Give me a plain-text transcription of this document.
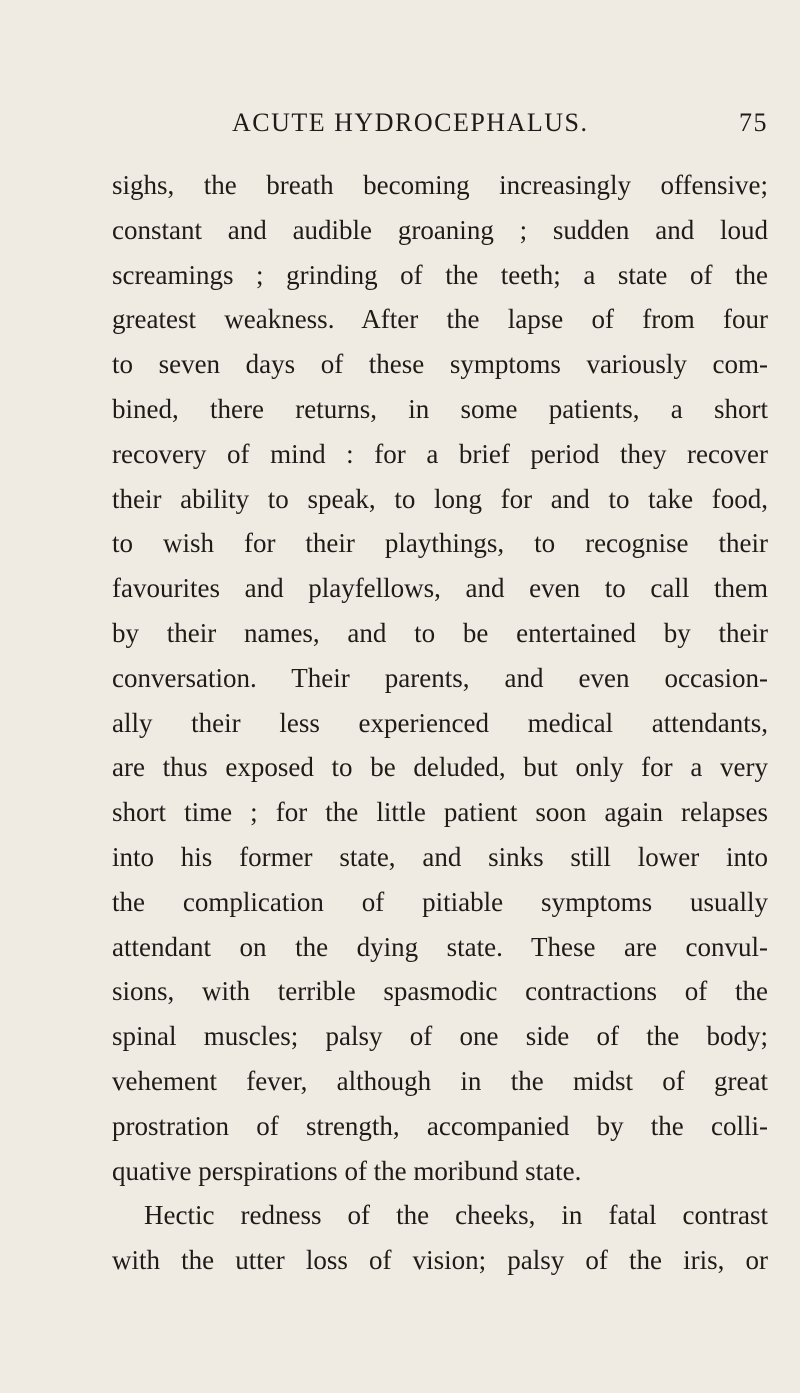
ACUTE HYDROCEPHALUS.	75
sighs, the breath becoming increasingly offensive;
constant and audible groaning ; sudden and loud
screamings ; grinding of the teeth; a state of the
greatest weakness. After the lapse of from four
to seven days of these symptoms variously com-
bined, there returns, in some patients, a short
recovery of mind : for a brief period they recover
their ability to speak, to long for and to take food,
to wish for their playthings, to recognise their
favourites and playfellows, and even to call them
by their names, and to be entertained by their
conversation. Their parents, and even occasion-
ally their less experienced medical attendants,
are thus exposed to be deluded, but only for a very
short time ; for the little patient soon again relapses
into his former state, and sinks still lower into
the complication of pitiable symptoms usually
attendant on the dying state. These are convul-
sions, with terrible spasmodic contractions of the
spinal muscles; palsy of one side of the body;
vehement fever, although in the midst of great
prostration of strength, accompanied by the colli-
quative perspirations of the moribund state.
Hectic redness of the cheeks, in fatal contrast
with the utter loss of vision; palsy of the iris, or
